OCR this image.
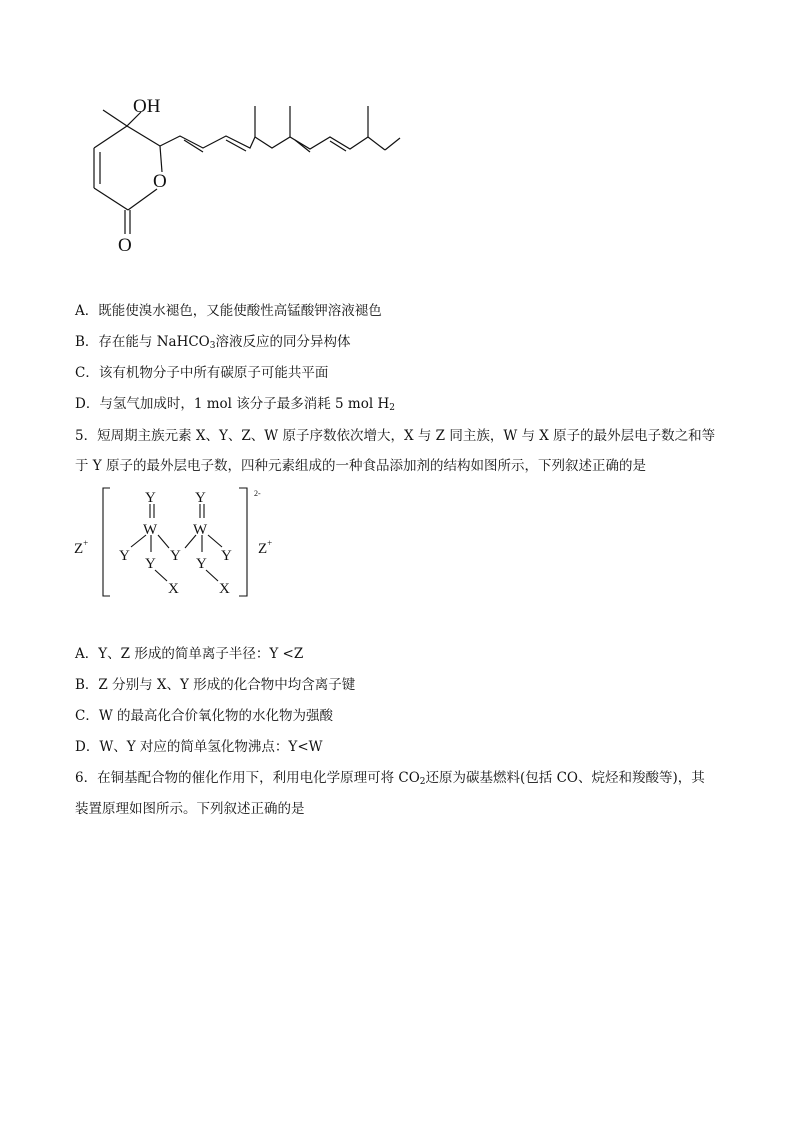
OH
O
O
A．既能使溴水褪色，又能使酸性高锰酸钾溶液褪色
B．存在能与 NaHCO$_3$溶液反应的同分异构体
C．该有机物分子中所有碳原子可能共平面
D．与氢气加成时，1 mol 该分子最多消耗 5 mol $H_2$
5．短周期主族元素 X、Y、Z、W 原子序数依次增大，X 与 Z 同主族，W 与 X 原子的最外层电子数之和等
于 Y 原子的最外层电子数，四种元素组成的一种食品添加剂的结构如图所示，下列叙述正确的是
Z+	Z+
2-
Y	Y
W W
Y	Y	Y
Y	Y
X	X
A．Y、Z 形成的简单离子半径：Y <Z
B．Z 分别与 X、Y 形成的化合物中均含离子键
C．W 的最高化合价氧化物的水化物为强酸
D．W、Y 对应的简单氢化物沸点：Y<W
6．在铜基配合物的催化作用下，利用电化学原理可将 $CO_2$还原为碳基燃料(包括 CO、烷烃和羧酸等)，其
装置原理如图所示。下列叙述正确的是
